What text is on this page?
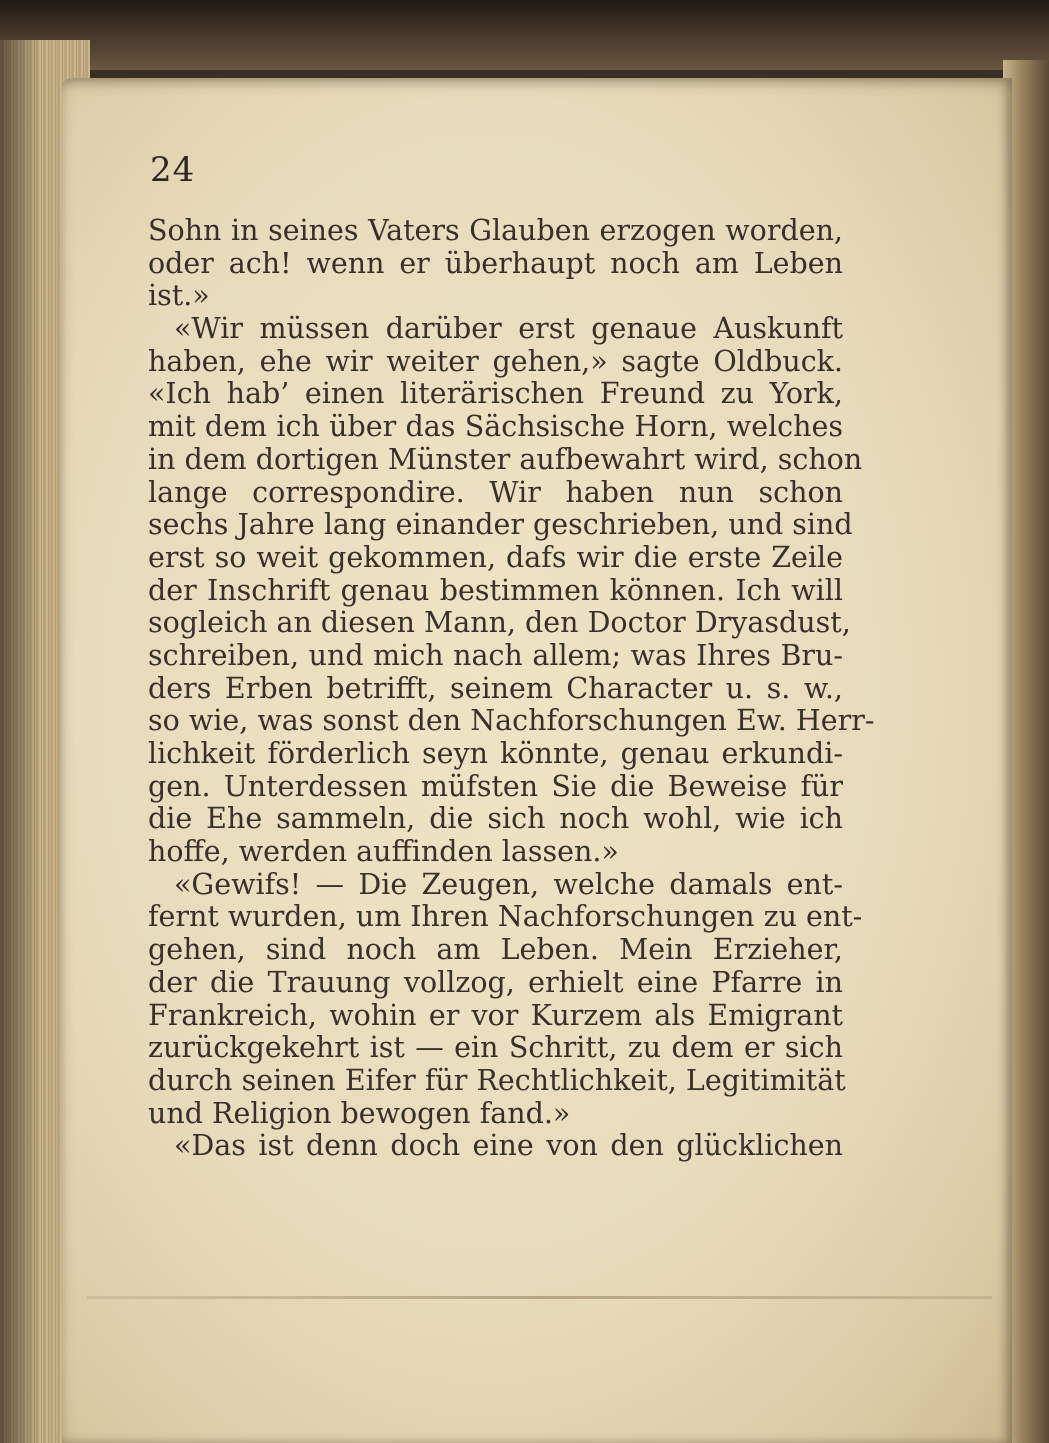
24

Sohn in seines Vaters Glauben erzogen worden,
oder ach! wenn er überhaupt noch am Leben
ist.»
«Wir müssen darüber erst genaue Auskunft
haben, ehe wir weiter gehen,» sagte Oldbuck.
«Ich hab’ einen literärischen Freund zu York,
mit dem ich über das Sächsische Horn, welches
in dem dortigen Münster aufbewahrt wird, schon
lange correspondire. Wir haben nun schon
sechs Jahre lang einander geschrieben, und sind
erst so weit gekommen, dafs wir die erste Zeile
der Inschrift genau bestimmen können. Ich will
sogleich an diesen Mann, den Doctor Dryasdust,
schreiben, und mich nach allem; was Ihres Bru-
ders Erben betrifft, seinem Character u. s. w.,
so wie, was sonst den Nachforschungen Ew. Herr-
lichkeit förderlich seyn könnte, genau erkundi-
gen. Unterdessen müfsten Sie die Beweise für
die Ehe sammeln, die sich noch wohl, wie ich
hoffe, werden auffinden lassen.»
«Gewifs! — Die Zeugen, welche damals ent-
fernt wurden, um Ihren Nachforschungen zu ent-
gehen, sind noch am Leben. Mein Erzieher,
der die Trauung vollzog, erhielt eine Pfarre in
Frankreich, wohin er vor Kurzem als Emigrant
zurückgekehrt ist — ein Schritt, zu dem er sich
durch seinen Eifer für Rechtlichkeit, Legitimität
und Religion bewogen fand.»
«Das ist denn doch eine von den glücklichen
